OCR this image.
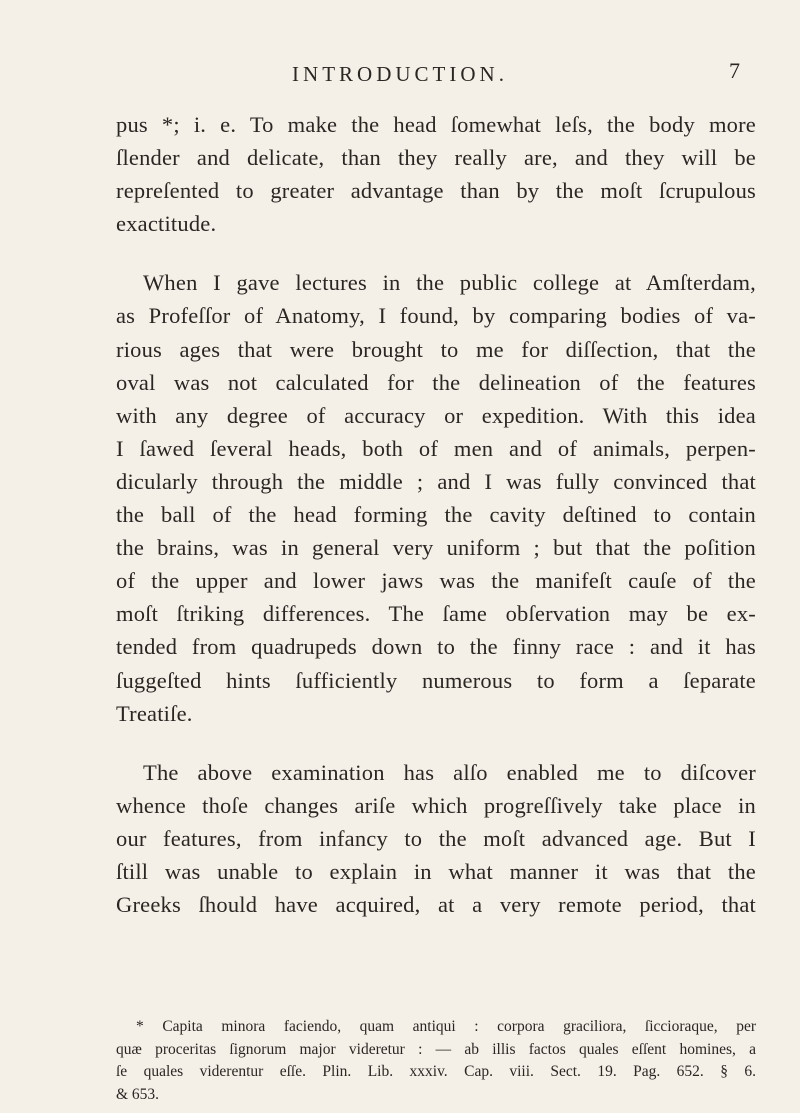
INTRODUCTION.	7
pus *; i. e. To make the head ſomewhat leſs, the body more
ſlender and delicate, than they really are, and they will be
repreſented to greater advantage than by the moſt ſcrupulous
exactitude.
When I gave lectures in the public college at Amſterdam,
as Profeſſor of Anatomy, I found, by comparing bodies of va-
rious ages that were brought to me for diſſection, that the
oval was not calculated for the delineation of the features
with any degree of accuracy or expedition. With this idea
I ſawed ſeveral heads, both of men and of animals, perpen-
dicularly through the middle ; and I was fully convinced that
the ball of the head forming the cavity deſtined to contain
the brains, was in general very uniform ; but that the poſition
of the upper and lower jaws was the manifeſt cauſe of the
moſt ſtriking differences. The ſame obſervation may be ex-
tended from quadrupeds down to the finny race : and it has
ſuggeſted hints ſufficiently numerous to form a ſeparate
Treatiſe.
The above examination has alſo enabled me to diſcover
whence thoſe changes ariſe which progreſſively take place in
our features, from infancy to the moſt advanced age. But I
ſtill was unable to explain in what manner it was that the
Greeks ſhould have acquired, at a very remote period, that
* Capita minora faciendo, quam antiqui : corpora graciliora, ſiccioraque, per
quæ proceritas ſignorum major videretur : — ab illis factos quales eſſent homines, a
ſe quales viderentur eſſe. Plin. Lib. xxxiv. Cap. viii. Sect. 19. Pag. 652. § 6.
& 653.
